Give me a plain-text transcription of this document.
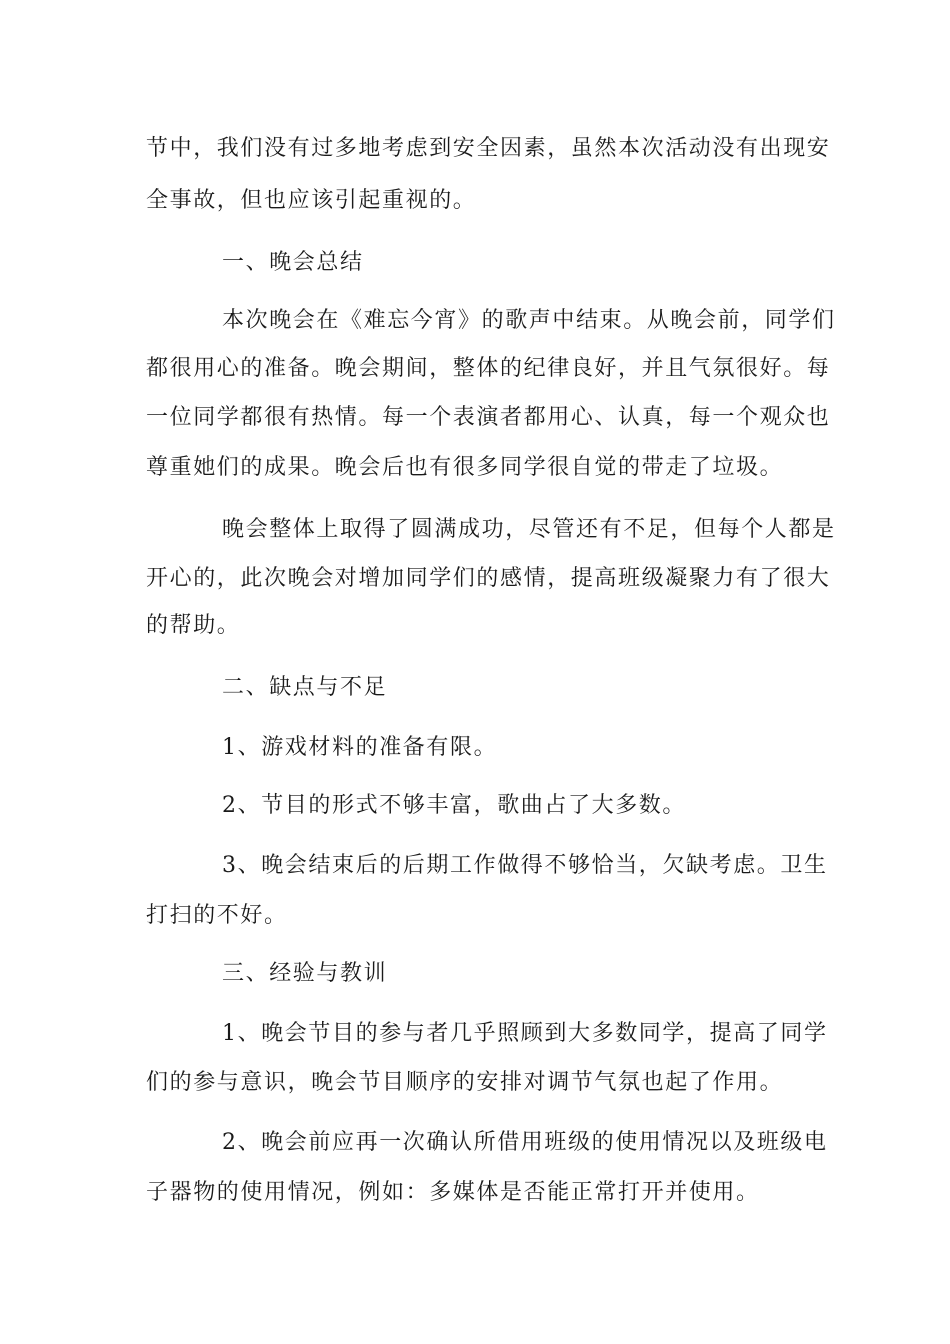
节中，我们没有过多地考虑到安全因素，虽然本次活动没有出现安
全事故，但也应该引起重视的。
一、晚会总结
本次晚会在《难忘今宵》的歌声中结束。从晚会前，同学们
都很用心的准备。晚会期间，整体的纪律良好，并且气氛很好。每
一位同学都很有热情。每一个表演者都用心、认真，每一个观众也
尊重她们的成果。晚会后也有很多同学很自觉的带走了垃圾。
晚会整体上取得了圆满成功，尽管还有不足，但每个人都是
开心的，此次晚会对增加同学们的感情，提高班级凝聚力有了很大
的帮助。
二、缺点与不足
1、游戏材料的准备有限。
2、节目的形式不够丰富，歌曲占了大多数。
3、晚会结束后的后期工作做得不够恰当，欠缺考虑。卫生
打扫的不好。
三、经验与教训
1、晚会节目的参与者几乎照顾到大多数同学，提高了同学
们的参与意识，晚会节目顺序的安排对调节气氛也起了作用。
2、晚会前应再一次确认所借用班级的使用情况以及班级电
子器物的使用情况，例如：多媒体是否能正常打开并使用。
